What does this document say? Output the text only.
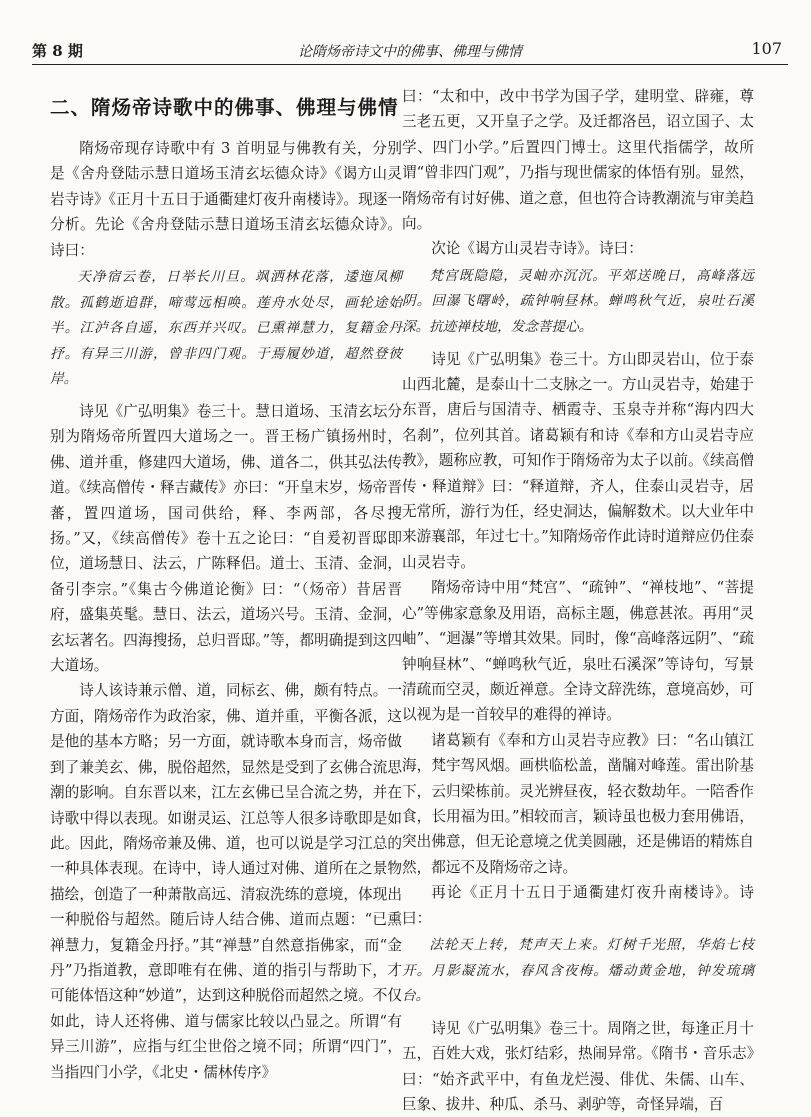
第 8 期	论隋炀帝诗文中的佛事、佛理与佛情	107
二、隋炀帝诗歌中的佛事、佛理与佛情

隋炀帝现存诗歌中有 3 首明显与佛教有关，分别是《舍舟登陆示慧日道场玉清玄坛德众诗》《谒方山灵岩寺诗》《正月十五日于通衢建灯夜升南楼诗》。现逐一分析。先论《舍舟登陆示慧日道场玉清玄坛德众诗》。诗曰：

天净宿云卷，日举长川旦。飒洒林花落，逶迤凤柳散。孤鹤逝追群，啼莺远相唤。莲舟水处尽，画轮途始半。江泸各自遥，东西并兴叹。已熏禅慧力，复籍金丹抒。有异三川游，曾非四门观。于焉履妙道，超然登彼岸。

诗见《广弘明集》卷三十。慧日道场、玉清玄坛分别为隋炀帝所置四大道场之一。晋王杨广镇扬州时，佛、道并重，修建四大道场，佛、道各二，供其弘法传道。《续高僧传・释吉藏传》亦曰：“开皇末岁，炀帝晋蕃，置四道场，国司供给，释、李两部，各尽搜扬。”又，《续高僧传》卷十五之论曰：“自爰初晋邸即位，道场慧日、法云，广陈释侣。道士、玉清、金洞，备引李宗。”《集古今佛道论衡》曰：“（炀帝）昔居晋府，盛集英髦。慧日、法云，道场兴号。玉清、金洞，玄坛著名。四海搜扬，总归晋邸。”等，都明确提到这四大道场。

诗人该诗兼示僧、道，同标玄、佛，颇有特点。一方面，隋炀帝作为政治家，佛、道并重，平衡各派，这是他的基本方略；另一方面，就诗歌本身而言，炀帝做到了兼美玄、佛，脱俗超然，显然是受到了玄佛合流思潮的影响。自东晋以来，江左玄佛已呈合流之势，并在诗歌中得以表现。如谢灵运、江总等人很多诗歌即是如此。因此，隋炀帝兼及佛、道，也可以说是学习江总的一种具体表现。在诗中，诗人通过对佛、道所在之景物描绘，创造了一种萧散高远、清寂洗练的意境，体现出一种脱俗与超然。随后诗人结合佛、道而点题：“已熏禅慧力，复籍金丹抒。”其“禅慧”自然意指佛家，而“金丹”乃指道教，意即唯有在佛、道的指引与帮助下，才可能体悟这种“妙道”，达到这种脱俗而超然之境。不仅如此，诗人还将佛、道与儒家比较以凸显之。所谓“有异三川游”，应指与红尘世俗之境不同；所谓“四门”，当指四门小学，《北史・儒林传序》

曰：“太和中，改中书学为国子学，建明堂、辟雍，尊三老五更，又开皇子之学。及迁都洛邑，诏立国子、太学、四门小学。”后置四门博士。这里代指儒学，故所谓“曾非四门观”，乃指与现世儒家的体悟有别。显然，隋炀帝有讨好佛、道之意，但也符合诗教潮流与审美趋向。

次论《谒方山灵岩寺诗》。诗曰：

梵宫既隐隐，灵岫亦沉沉。平郊送晚日，高峰落远阴。回瀑飞曙岭，疏钟响昼林。蝉鸣秋气近，泉吐石溪深。抗迹禅枝地，发念菩提心。

诗见《广弘明集》卷三十。方山即灵岩山，位于泰山西北麓，是泰山十二支脉之一。方山灵岩寺，始建于东晋，唐后与国清寺、栖霞寺、玉泉寺并称“海内四大名刹”，位列其首。诸葛颖有和诗《奉和方山灵岩寺应教》，题称应教，可知作于隋炀帝为太子以前。《续高僧传・释道辩》曰：“释道辩，齐人，住泰山灵岩寺，居无常所，游行为任，经史洞达，偏解数术。以大业年中来游襄部，年过七十。”知隋炀帝作此诗时道辩应仍住泰山灵岩寺。

隋炀帝诗中用“梵宫”、“疏钟”、“禅枝地”、“菩提心”等佛家意象及用语，高标主题，佛意甚浓。再用“灵岫”、“迴瀑”等增其效果。同时，像“高峰落远阴”、“疏钟响昼林”、“蝉鸣秋气近，泉吐石溪深”等诗句，写景清疏而空灵，颇近禅意。全诗文辞洗练，意境高妙，可以视为是一首较早的难得的禅诗。

诸葛颖有《奉和方山灵岩寺应教》曰：“名山镇江海，梵宇驾风烟。画栱临松盖，凿牖对峰莲。雷出阶基下，云归梁栋前。灵光辨昼夜，轻衣数劫年。一陪香作食，长用福为田。”相较而言，颖诗虽也极力套用佛语，突出佛意，但无论意境之优美圆融，还是佛语的精炼自然，都远不及隋炀帝之诗。

再论《正月十五日于通衢建灯夜升南楼诗》。诗曰：

法轮天上转，梵声天上来。灯树千光照，华焰七枝开。月影凝流水，春风含夜梅。燔动黄金地，钟发琉璃台。

诗见《广弘明集》卷三十。周隋之世，每逢正月十五，百姓大戏，张灯结彩，热闹异常。《隋书・音乐志》曰：“始齐武平中，有鱼龙烂漫、俳优、朱儒、山车、巨象、拔井、种瓜、杀马、剥驴等，奇怪异端，百
